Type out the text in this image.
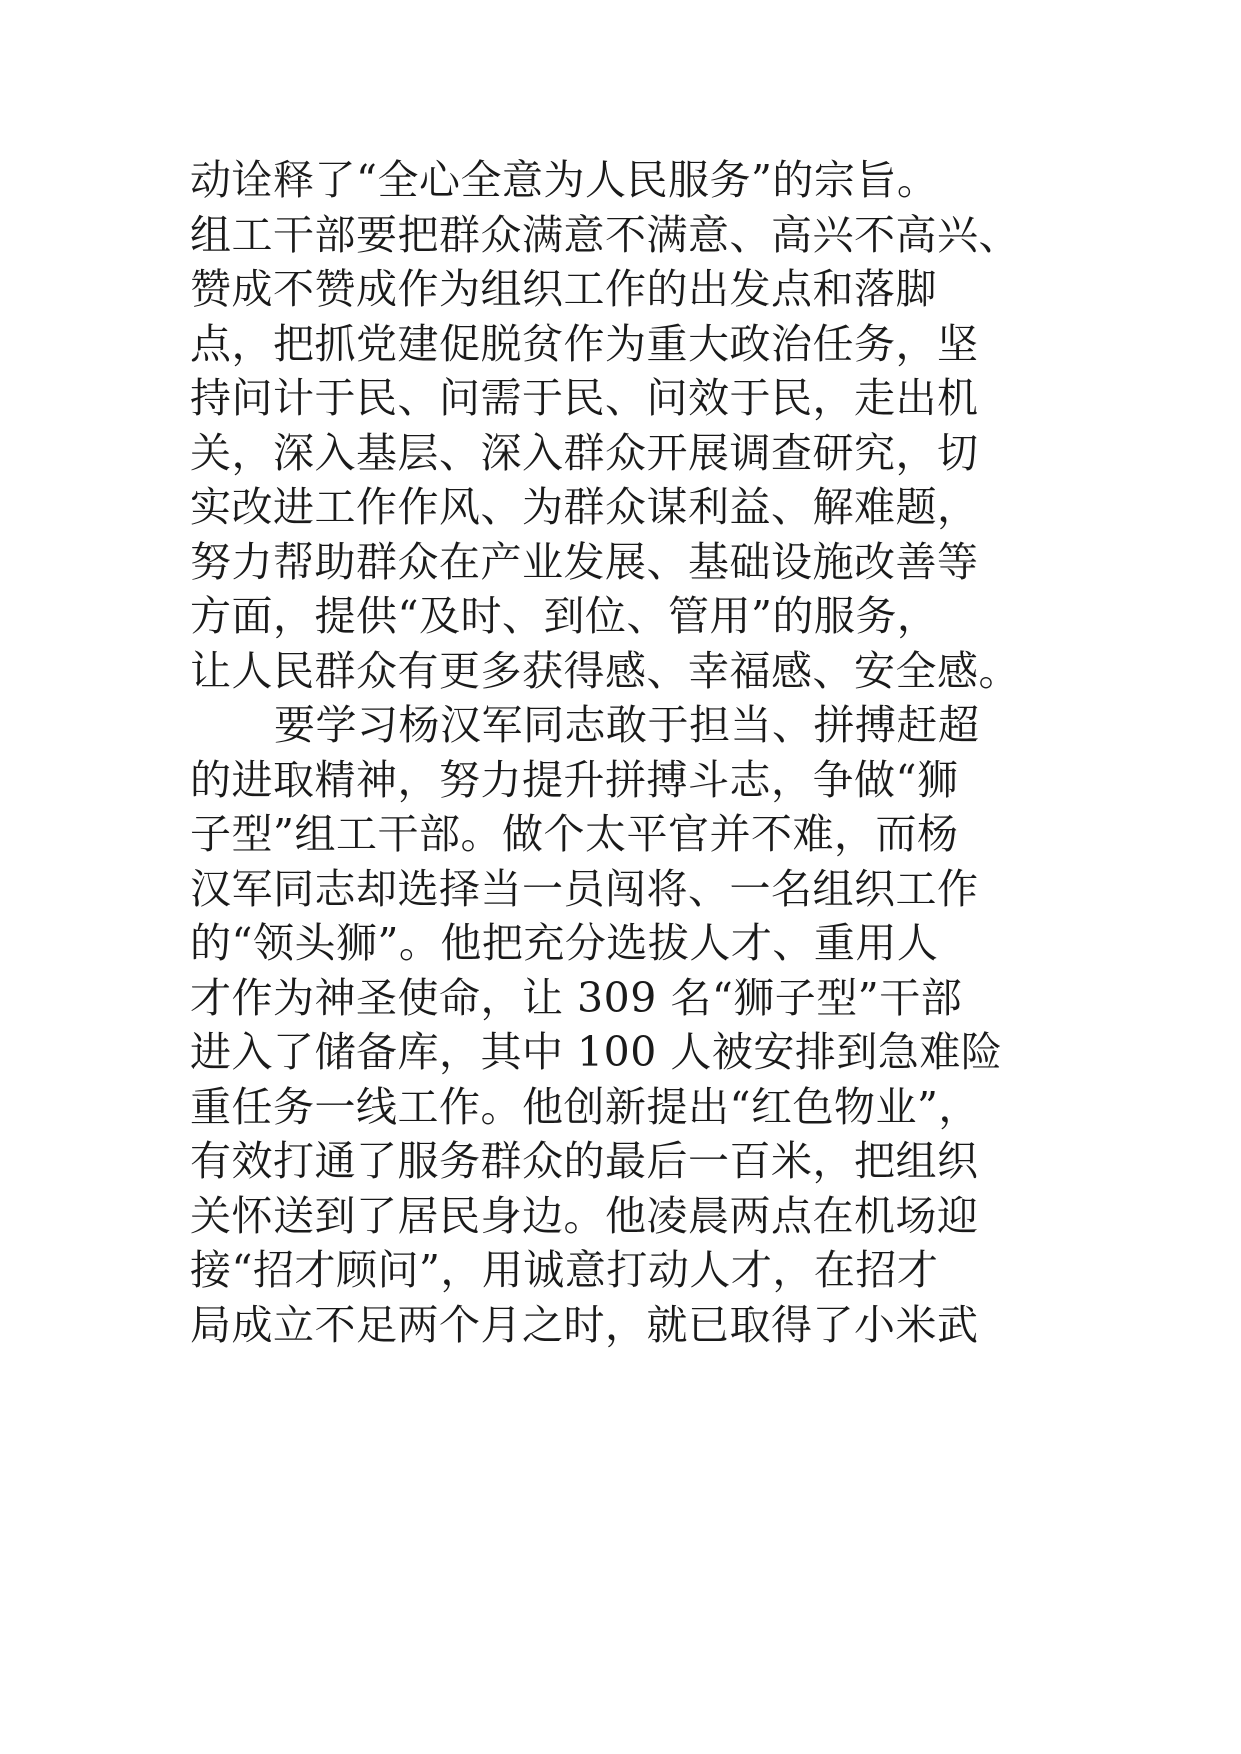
动诠释了“全心全意为人民服务”的宗旨。
组工干部要把群众满意不满意、高兴不高兴、
赞成不赞成作为组织工作的出发点和落脚
点，把抓党建促脱贫作为重大政治任务，坚
持问计于民、问需于民、问效于民，走出机
关，深入基层、深入群众开展调查研究，切
实改进工作作风、为群众谋利益、解难题，
努力帮助群众在产业发展、基础设施改善等
方面，提供“及时、到位、管用”的服务，
让人民群众有更多获得感、幸福感、安全感。
要学习杨汉军同志敢于担当、拼搏赶超
的进取精神，努力提升拼搏斗志，争做“狮
子型”组工干部。做个太平官并不难，而杨
汉军同志却选择当一员闯将、一名组织工作
的“领头狮”。他把充分选拔人才、重用人
才作为神圣使命，让 309 名“狮子型”干部
进入了储备库，其中 100 人被安排到急难险
重任务一线工作。他创新提出“红色物业”，
有效打通了服务群众的最后一百米，把组织
关怀送到了居民身边。他凌晨两点在机场迎
接“招才顾问”，用诚意打动人才，在招才
局成立不足两个月之时，就已取得了小米武
